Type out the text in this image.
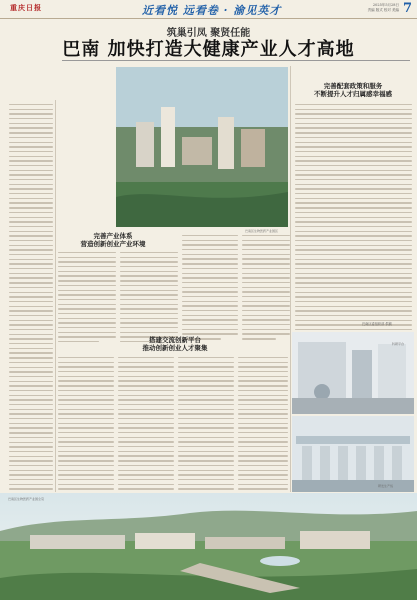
重庆日报	近看悦 远看卷 · 渝见英才	2025年5月28日
责编 版式 校对 美编 7
筑巢引凤 聚贤任能
巴南 加快打造大健康产业人才高地
巴南区生物医药产业园区
完善配套政策和服务
不断提升人才归属感幸福感
巴南区委组织部 供稿
完善产业体系
营造创新创业产业环境
搭建交流创新平台
推动创新创业人才聚集	科研平台
研发生产线
巴南区生物医药产业园全景
